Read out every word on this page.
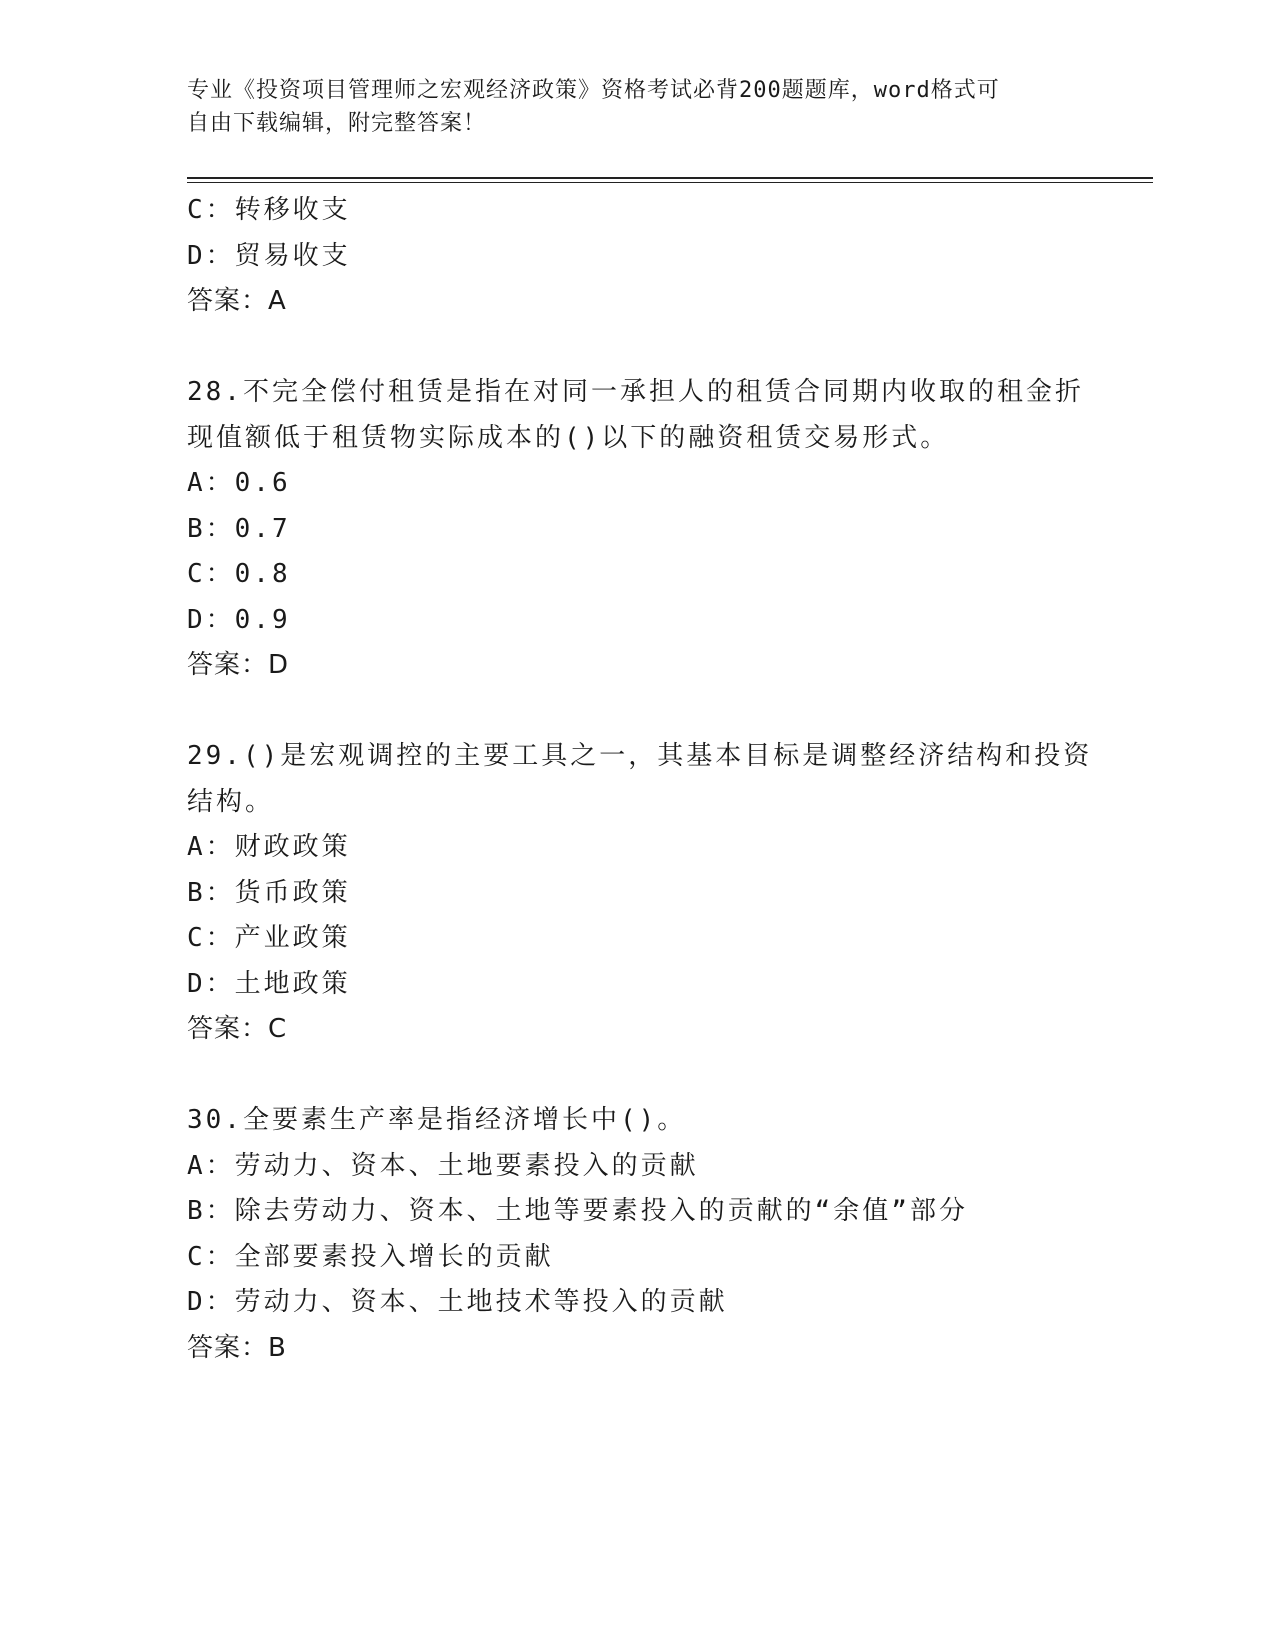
专业《投资项目管理师之宏观经济政策》资格考试必背200题题库，word格式可
自由下载编辑，附完整答案！
C：转移收支
D：贸易收支
答案：A
28.不完全偿付租赁是指在对同一承担人的租赁合同期内收取的租金折
现值额低于租赁物实际成本的()以下的融资租赁交易形式。
A：0.6
B：0.7
C：0.8
D：0.9
答案：D
29.()是宏观调控的主要工具之一，其基本目标是调整经济结构和投资
结构。
A：财政政策
B：货币政策
C：产业政策
D：土地政策
答案：C
30.全要素生产率是指经济增长中()。
A：劳动力、资本、土地要素投入的贡献
B：除去劳动力、资本、土地等要素投入的贡献的“余值”部分
C：全部要素投入增长的贡献
D：劳动力、资本、土地技术等投入的贡献
答案：B
